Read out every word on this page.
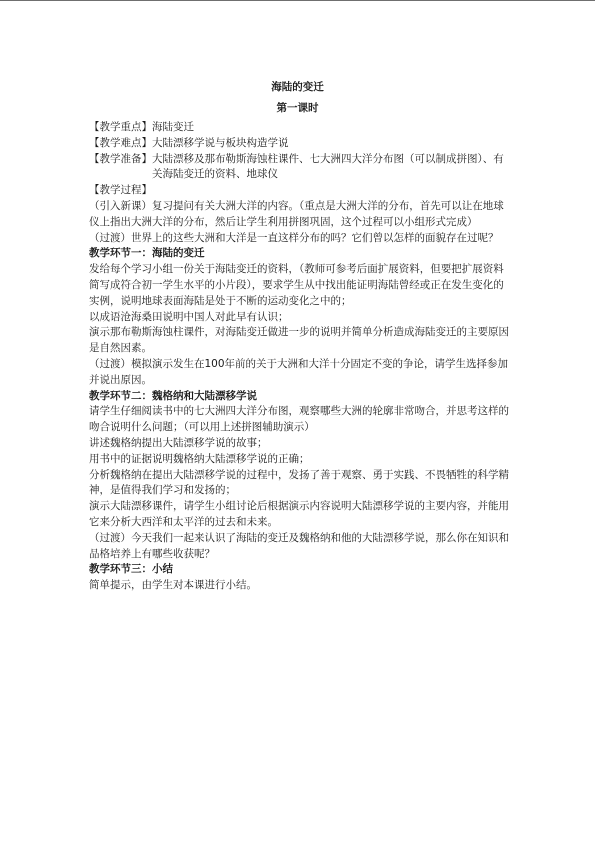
海陆的变迁
第一课时

【教学重点】 海陆变迁

【教学难点】 大陆漂移学说与板块构造学说

【教学准备】 大陆漂移及那布勒斯海蚀柱课件、七大洲四大洋分布图（可以制成拼图）、有关海陆变迁的资料、地球仪

【教学过程】

（引入新课）复习提问有关大洲大洋的内容。（重点是大洲大洋的分布，首先可以让在地球仪上指出大洲大洋的分布，然后让学生利用拼图巩固，这个过程可以小组形式完成）

（过渡）世界上的这些大洲和大洋是一直这样分布的吗？它们曾以怎样的面貌存在过呢？

教学环节一：海陆的变迁

发给每个学习小组一份关于海陆变迁的资料，（教师可参考后面扩展资料，但要把扩展资料简写成符合初一学生水平的小片段），要求学生从中找出能证明海陆曾经或正在发生变化的实例，说明地球表面海陆是处于不断的运动变化之中的；

以成语沧海桑田说明中国人对此早有认识；

演示那布勒斯海蚀柱课件，对海陆变迁做进一步的说明并简单分析造成海陆变迁的主要原因是自然因素。

（过渡）模拟演示发生在100年前的关于大洲和大洋十分固定不变的争论，请学生选择参加并说出原因。

教学环节二：魏格纳和大陆漂移学说

请学生仔细阅读书中的七大洲四大洋分布图，观察哪些大洲的轮廓非常吻合，并思考这样的吻合说明什么问题；（可以用上述拼图辅助演示）

讲述魏格纳提出大陆漂移学说的故事；

用书中的证据说明魏格纳大陆漂移学说的正确；

分析魏格纳在提出大陆漂移学说的过程中，发扬了善于观察、勇于实践、不畏牺牲的科学精神，是值得我们学习和发扬的；

演示大陆漂移课件，请学生小组讨论后根据演示内容说明大陆漂移学说的主要内容，并能用它来分析大西洋和太平洋的过去和未来。

（过渡）今天我们一起来认识了海陆的变迁及魏格纳和他的大陆漂移学说，那么你在知识和品格培养上有哪些收获呢？

教学环节三：小结

简单提示，由学生对本课进行小结。
